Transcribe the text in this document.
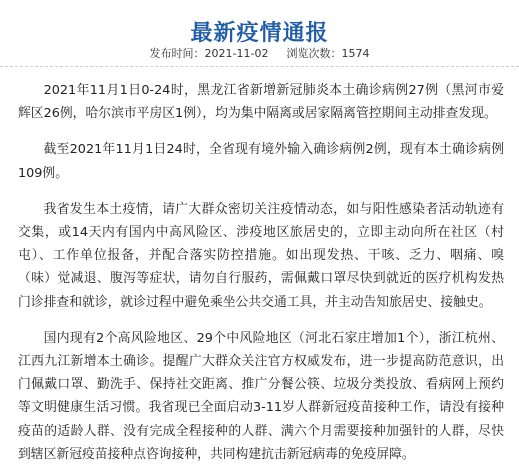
最新疫情通报
发布时间：2021-11-02 浏览次数：1574

2021年11月1日0-24时，黑龙江省新增新冠肺炎本土确诊病例27例（黑河市爱辉区26例，哈尔滨市平房区1例），均为集中隔离或居家隔离管控期间主动排查发现。

截至2021年11月1日24时，全省现有境外输入确诊病例2例，现有本土确诊病例109例。

我省发生本土疫情，请广大群众密切关注疫情动态，如与阳性感染者活动轨迹有交集，或14天内有国内中高风险区、涉疫地区旅居史的，立即主动向所在社区（村屯）、工作单位报备，并配合落实防控措施。如出现发热、干咳、乏力、咽痛、嗅（味）觉减退、腹泻等症状，请勿自行服药，需佩戴口罩尽快到就近的医疗机构发热门诊排查和就诊，就诊过程中避免乘坐公共交通工具，并主动告知旅居史、接触史。

国内现有2个高风险地区、29个中风险地区（河北石家庄增加1个），浙江杭州、江西九江新增本土确诊。提醒广大群众关注官方权威发布，进一步提高防范意识，出门佩戴口罩、勤洗手、保持社交距离、推广分餐公筷、垃圾分类投放、看病网上预约等文明健康生活习惯。我省现已全面启动3-11岁人群新冠疫苗接种工作，请没有接种疫苗的适龄人群、没有完成全程接种的人群、满六个月需要接种加强针的人群，尽快到辖区新冠疫苗接种点咨询接种，共同构建抗击新冠病毒的免疫屏障。
